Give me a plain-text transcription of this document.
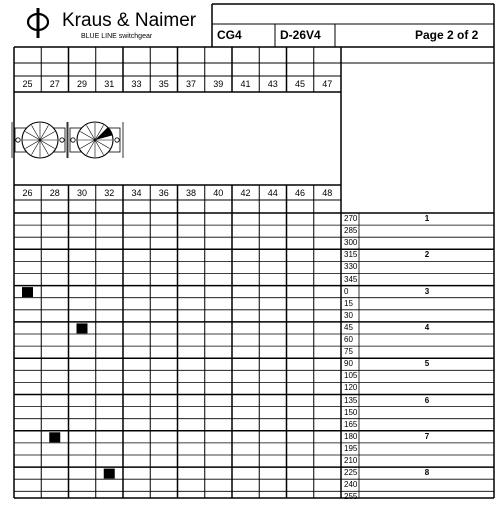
Kraus & Naimer
BLUE LINE switchgear	CG4	D-26V4	Page 2 of 2
25	27	29	31	33	35	37	39	41	43	45	47
26	28	30	32	34	36	38	40	42	44	46	48
270	1
285
300
315	2
330
345
0	3
15
30
45	4
60
75
90	5
105
120
135	6
150
165
180	7
195
210
225	8
240
255
